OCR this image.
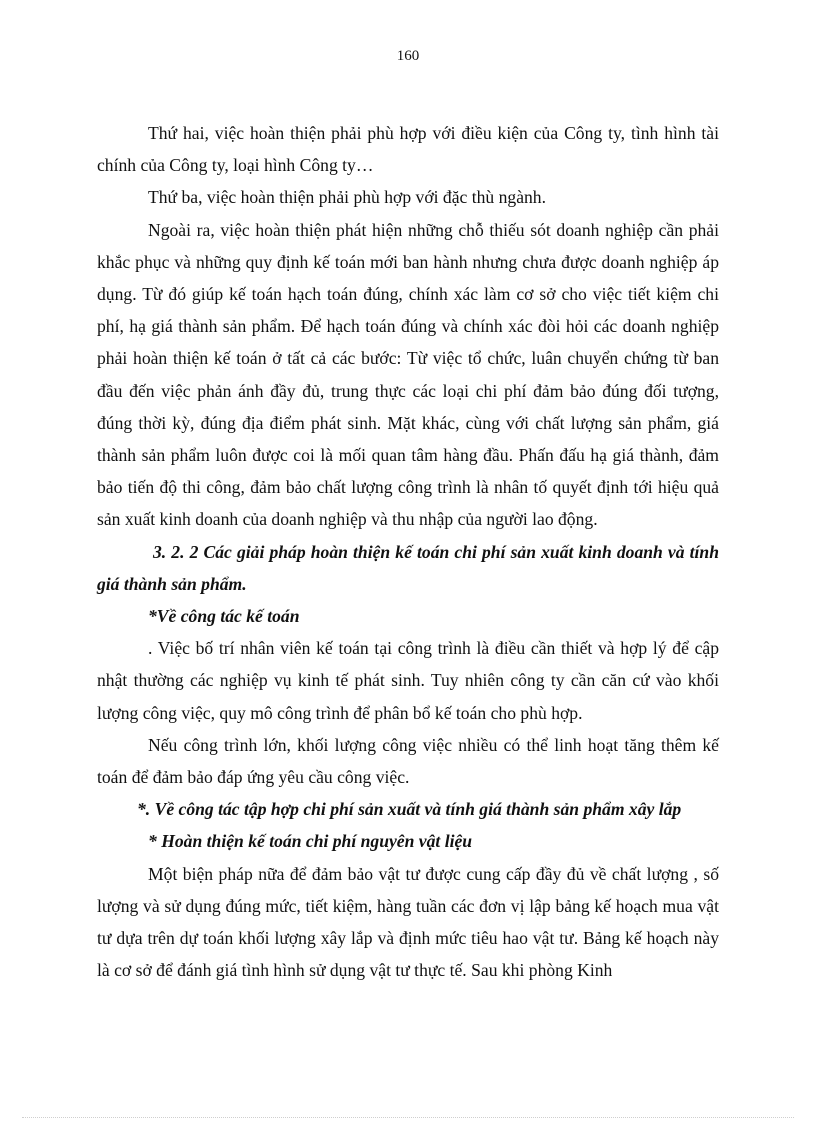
160

Thứ hai, việc hoàn thiện phải phù hợp với điều kiện của Công ty, tình hình tài chính của Công ty, loại hình Công ty…

Thứ ba, việc hoàn thiện phải phù hợp với đặc thù ngành.

Ngoài ra, việc hoàn thiện phát hiện những chỗ thiếu sót doanh nghiệp cần phải khắc phục và những quy định kế toán mới ban hành nhưng chưa được doanh nghiệp áp dụng. Từ đó giúp kế toán hạch toán đúng, chính xác làm cơ sở cho việc tiết kiệm chi phí, hạ giá thành sản phẩm. Để hạch toán đúng và chính xác đòi hỏi các doanh nghiệp phải hoàn thiện kế toán ở tất cả các bước: Từ việc tổ chức, luân chuyển chứng từ ban đầu đến việc phản ánh đầy đủ, trung thực các loại chi phí đảm bảo đúng đối tượng, đúng thời kỳ, đúng địa điểm phát sinh. Mặt khác, cùng với chất lượng sản phẩm, giá thành sản phẩm luôn được coi là mối quan tâm hàng đầu. Phấn đấu hạ giá thành, đảm bảo tiến độ thi công, đảm bảo chất lượng công trình là nhân tố quyết định tới hiệu quả sản xuất kinh doanh của doanh nghiệp và thu nhập của người lao động.

3. 2. 2 Các giải pháp hoàn thiện kế toán chi phí sản xuất kinh doanh và tính giá thành sản phẩm.

*Về công tác kế toán

. Việc bố trí nhân viên kế toán tại công trình là điều cần thiết và hợp lý để cập nhật thường các nghiệp vụ kinh tế phát sinh. Tuy nhiên công ty cần căn cứ vào khối lượng công việc, quy mô công trình để phân bổ kế toán cho phù hợp.

Nếu công trình lớn, khối lượng công việc nhiều có thể linh hoạt tăng thêm kế toán để đảm bảo đáp ứng yêu cầu công việc.

*. Về công tác tập hợp chi phí sản xuất và tính giá thành sản phẩm xây lắp

* Hoàn thiện kế toán chi phí nguyên vật liệu

Một biện pháp nữa để đảm bảo vật tư được cung cấp đầy đủ về chất lượng , số lượng và sử dụng đúng mức, tiết kiệm, hàng tuần các đơn vị lập bảng kế hoạch mua vật tư dựa trên dự toán khối lượng xây lắp và định mức tiêu hao vật tư. Bảng kế hoạch này là cơ sở để đánh giá tình hình sử dụng vật tư thực tế. Sau khi phòng Kinh
